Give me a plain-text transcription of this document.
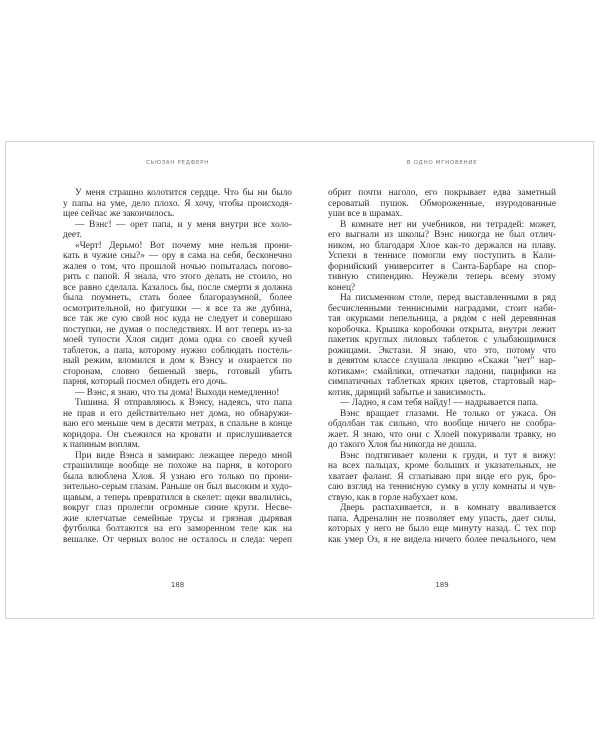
СЬЮЗАН РЕДФЕРН
У меня страшно колотится сердце. Что бы ни было
у папы на уме, дело плохо. Я хочу, чтобы происходя-
щее сейчас же закончилось.
— Вэнс! — орет папа, и у меня внутри все холо-
деет.
«Черт! Дерьмо! Вот почему мне нельзя прони-
кать в чужие сны?» — ору я сама на себя, бесконечно
жалея о том, что прошлой ночью попыталась погово-
рить с папой. Я знала, что этого делать не стоило, но
все равно сделала. Казалось бы, после смерти я должна
была поумнеть, стать более благоразумной, более
осмотрительной, но фигушки — я все та же дубина,
все так же сую свой нос куда не следует и совершаю
поступки, не думая о последствиях. И вот теперь из-за
моей тупости Хлоя сидит дома одна со своей кучей
таблеток, а папа, которому нужно соблюдать постель-
ный режим, вломился в дом к Вэнсу и озирается по
сторонам, словно бешеный зверь, готовый убить
парня, который посмел обидеть его дочь.
— Вэнс, я знаю, что ты дома! Выходи немедленно!
Тишина. Я отправляюсь к Вэнсу, надеясь, что папа
не прав и его действительно нет дома, но обнаружи-
ваю его меньше чем в десяти метрах, в спальне в конце
коридора. Он съежился на кровати и прислушивается
к папиным воплям.
При виде Вэнса я замираю: лежащее передо мной
страшилище вообще не похоже на парня, в которого
была влюблена Хлоя. Я узнаю его только по прони-
зительно-серым глазам. Раньше он был высоким и худо-
щавым, а теперь превратился в скелет: щеки ввалились,
вокруг глаз пролегли огромные синие круги. Несве-
жие клетчатые семейные трусы и грязная дырявая
футболка болтаются на его заморенном теле как на
вешалке. От черных волос не осталось и следа: череп
188
В ОДНО МГНОВЕНИЕ
обрит почти наголо, его покрывает едва заметный
сероватый пушок. Обмороженные, изуродованные
уши все в шрамах.
В комнате нет ни учебников, ни тетрадей: может,
его выгнали из школы? Вэнс никогда не был отлич-
ником, но благодаря Хлое как-то держался на плаву.
Успехи в теннисе помогли ему поступить в Кали-
форнийский университет в Санта-Барбаре на спор-
тивную стипендию. Неужели теперь всему этому
конец?
На письменном столе, перед выставленными в ряд
бесчисленными теннисными наградами, стоит наби-
тая окурками пепельница, а рядом с ней деревянная
коробочка. Крышка коробочки открыта, внутри лежит
пакетик круглых лиловых таблеток с улыбающимися
рожицами. Экстази. Я знаю, что это, потому что
в девятом классе слушала лекцию «Скажи "нет" нар-
котикам»: смайлики, отпечатки ладони, пацифики на
симпатичных таблетках ярких цветов, стартовый нар-
котик, дарящий забытье и зависимость.
— Ладно, я сам тебя найду! — надрывается папа.
Вэнс вращает глазами. Не только от ужаса. Он
обдолбан так сильно, что вообще ничего не сообра-
жает. Я знаю, что они с Хлоей покуривали травку, но
до такого Хлоя бы никогда не дошла.
Вэнс подтягивает колени к груди, и тут я вижу:
на всех пальцах, кроме больших и указательных, не
хватает фаланг. Я сглатываю при виде его рук, бро-
саю взгляд на теннисную сумку в углу комнаты и чув-
ствую, как в горле набухает ком.
Дверь распахивается, и в комнату вваливается
папа. Адреналин не позволяет ему упасть, дает силы,
которых у него не было еще минуту назад. С тех пор
как умер Оз, я не видела ничего более печального, чем
189
